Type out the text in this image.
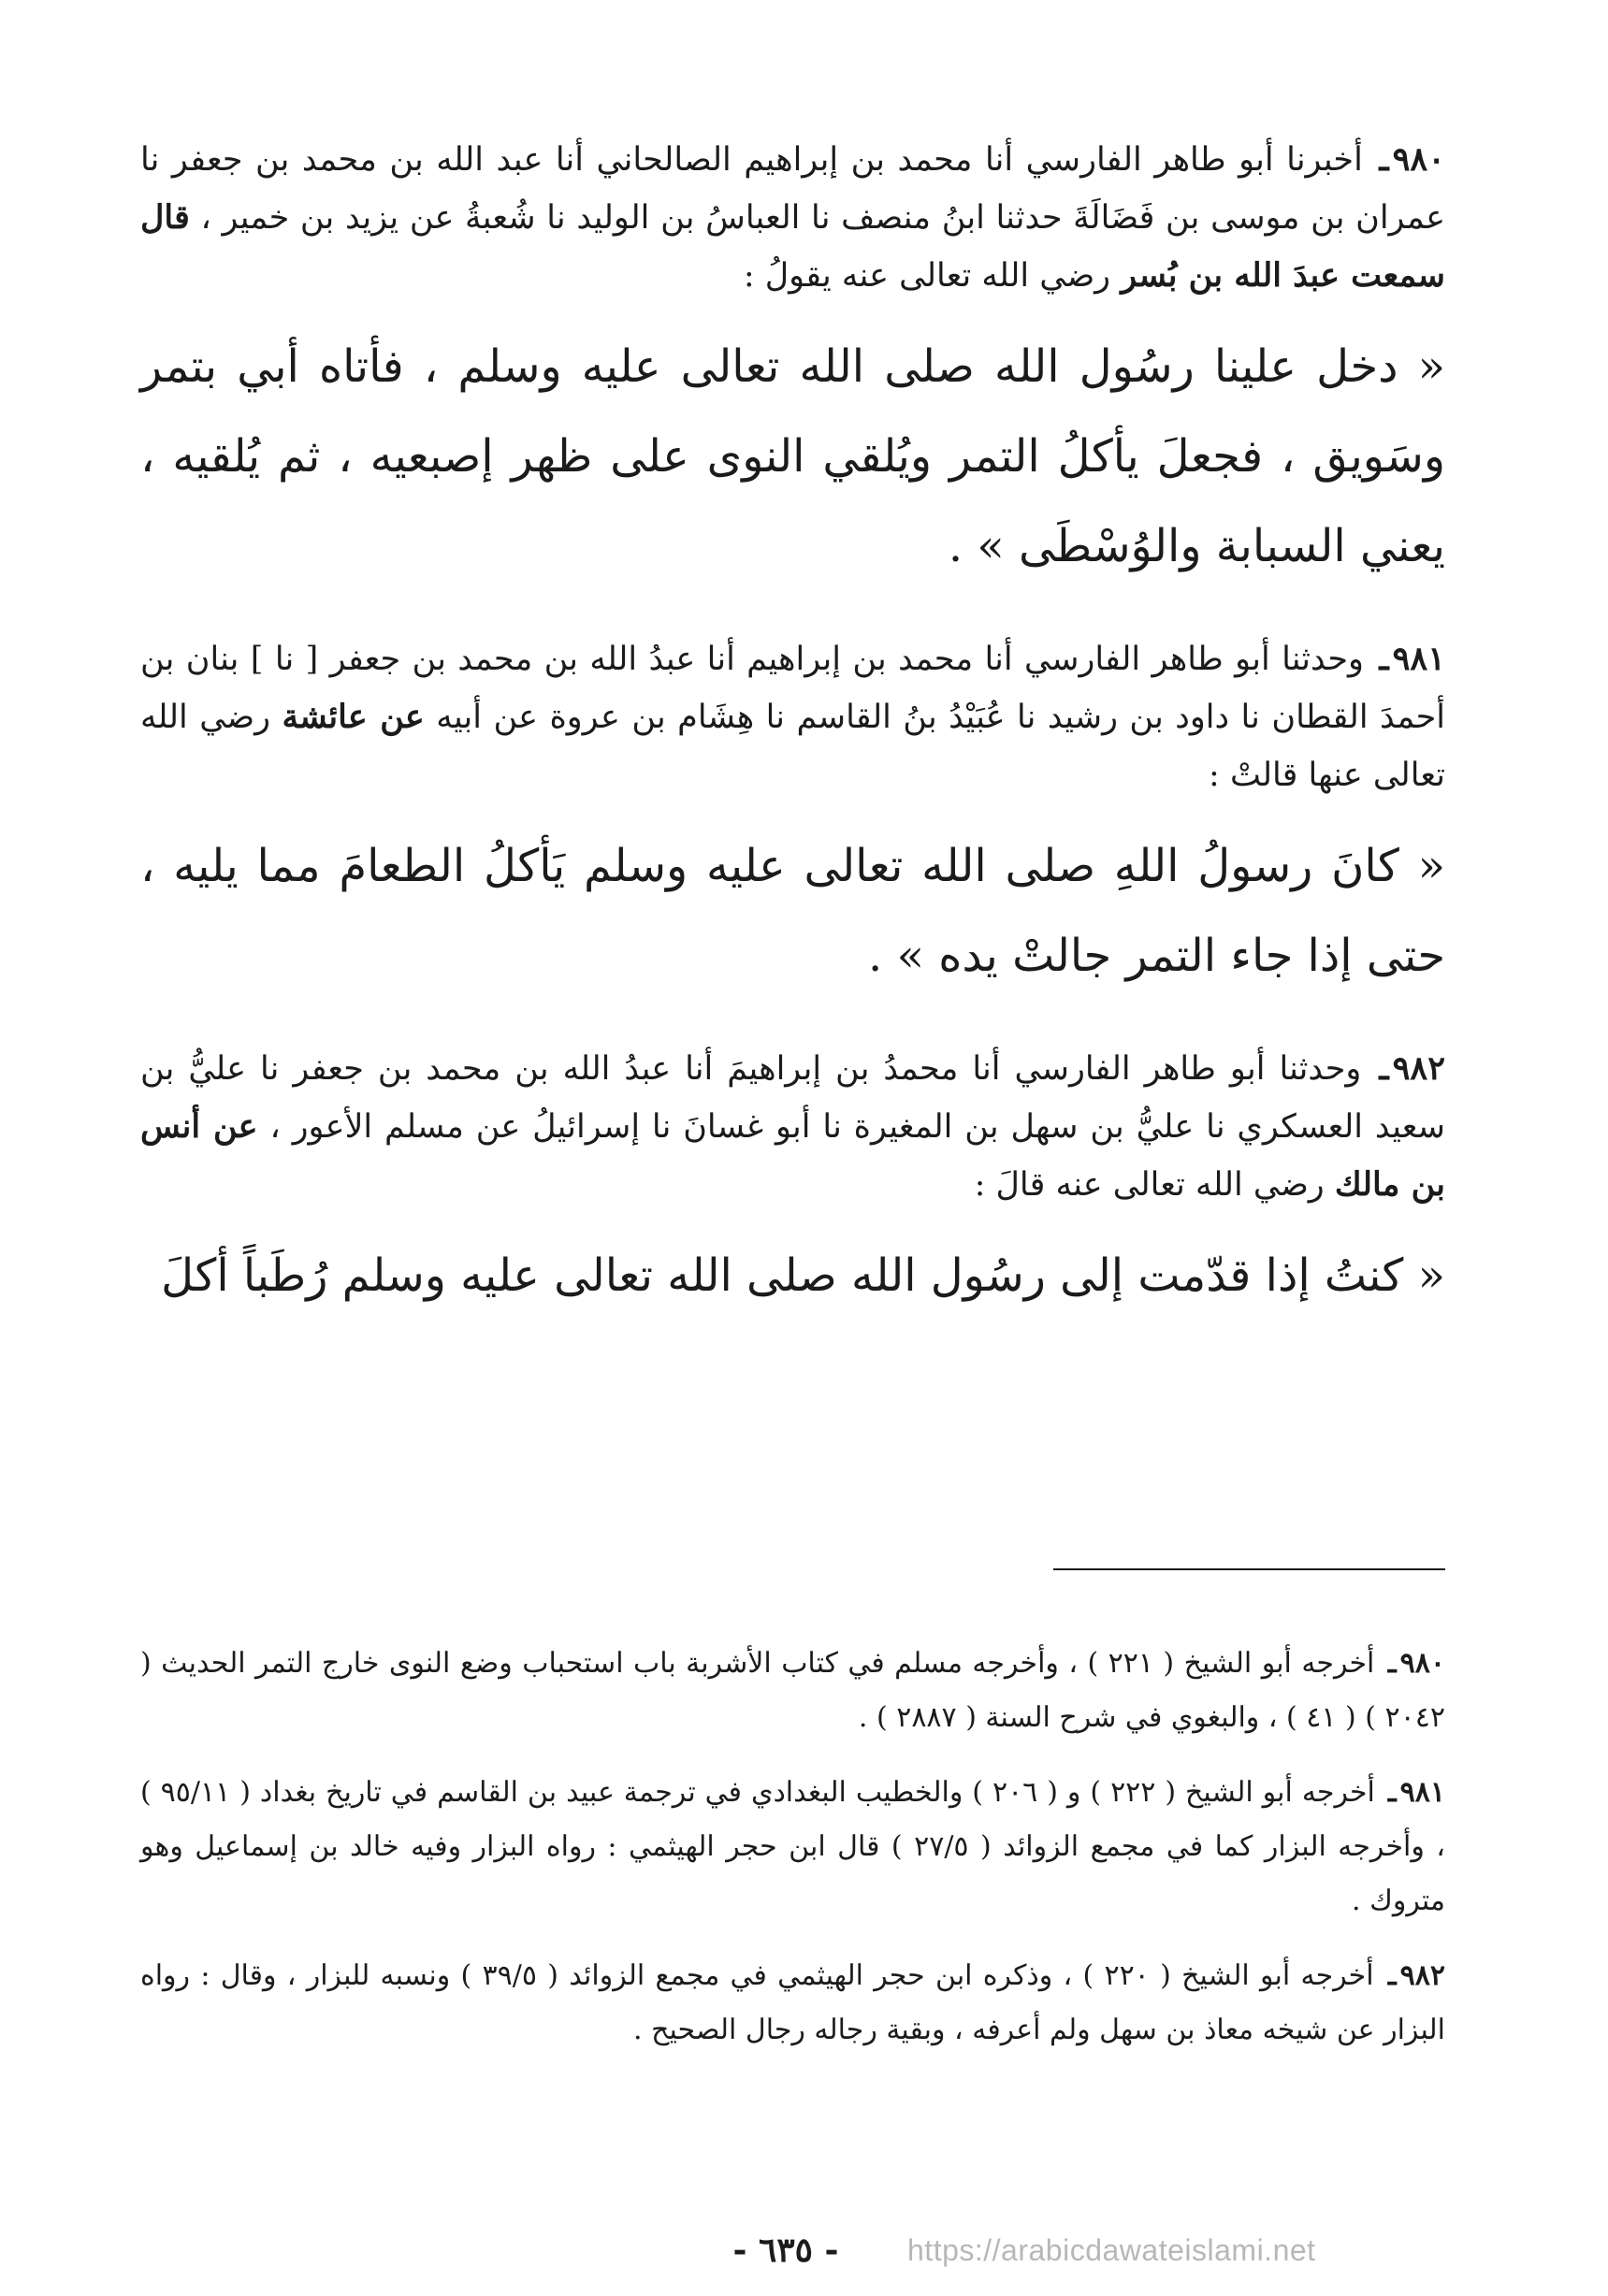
٩٨٠ـ أخبرنا أبو طاهر الفارسي أنا محمد بن إبراهيم الصالحاني أنا عبد الله بن محمد بن جعفر نا عمران بن موسى بن فَضَالَةَ حدثنا ابنُ منصف نا العباسُ بن الوليد نا شُعبةُ عن يزيد بن خمير ، قال سمعت عبدَ الله بن بُسر رضي الله تعالى عنه يقولُ :
« دخل علينا رسُول الله صلى الله تعالى عليه وسلم ، فأتاه أبي بتمر وسَويق ، فجعلَ يأكلُ التمر ويُلقي النوى على ظهر إصبعيه ، ثم يُلقيه ، يعني السبابة والوُسْطَى » .
٩٨١ـ وحدثنا أبو طاهر الفارسي أنا محمد بن إبراهيم أنا عبدُ الله بن محمد بن جعفر [ نا ] بنان بن أحمدَ القطان نا داود بن رشيد نا عُبَيْدُ بنُ القاسم نا هِشَام بن عروة عن أبيه عن عائشة رضي الله تعالى عنها قالتْ :
« كانَ رسولُ اللهِ صلى الله تعالى عليه وسلم يَأكلُ الطعامَ مما يليه ، حتى إذا جاء التمر جالتْ يده » .
٩٨٢ـ وحدثنا أبو طاهر الفارسي أنا محمدُ بن إبراهيمَ أنا عبدُ الله بن محمد بن جعفر نا عليُّ بن سعيد العسكري نا عليُّ بن سهل بن المغيرة نا أبو غسانَ نا إسرائيلُ عن مسلم الأعور ، عن أنس بن مالك رضي الله تعالى عنه قالَ :
« كنتُ إذا قدّمت إلى رسُول الله صلى الله تعالى عليه وسلم رُطَباً أكلَ
٩٨٠ـ أخرجه أبو الشيخ ( ٢٢١ ) ، وأخرجه مسلم في كتاب الأشربة باب استحباب وضع النوى خارج التمر الحديث ( ٢٠٤٢ ) ( ٤١ ) ، والبغوي في شرح السنة ( ٢٨٨٧ ) .
٩٨١ـ أخرجه أبو الشيخ ( ٢٢٢ ) و ( ٢٠٦ ) والخطيب البغدادي في ترجمة عبيد بن القاسم في تاريخ بغداد ( ٩٥/١١ ) ، وأخرجه البزار كما في مجمع الزوائد ( ٢٧/٥ ) قال ابن حجر الهيثمي : رواه البزار وفيه خالد بن إسماعيل وهو متروك .
٩٨٢ـ أخرجه أبو الشيخ ( ٢٢٠ ) ، وذكره ابن حجر الهيثمي في مجمع الزوائد ( ٣٩/٥ ) ونسبه للبزار ، وقال : رواه البزار عن شيخه معاذ بن سهل ولم أعرفه ، وبقية رجاله رجال الصحيح .
- ٦٣٥ -	https://arabicdawateislami.net
